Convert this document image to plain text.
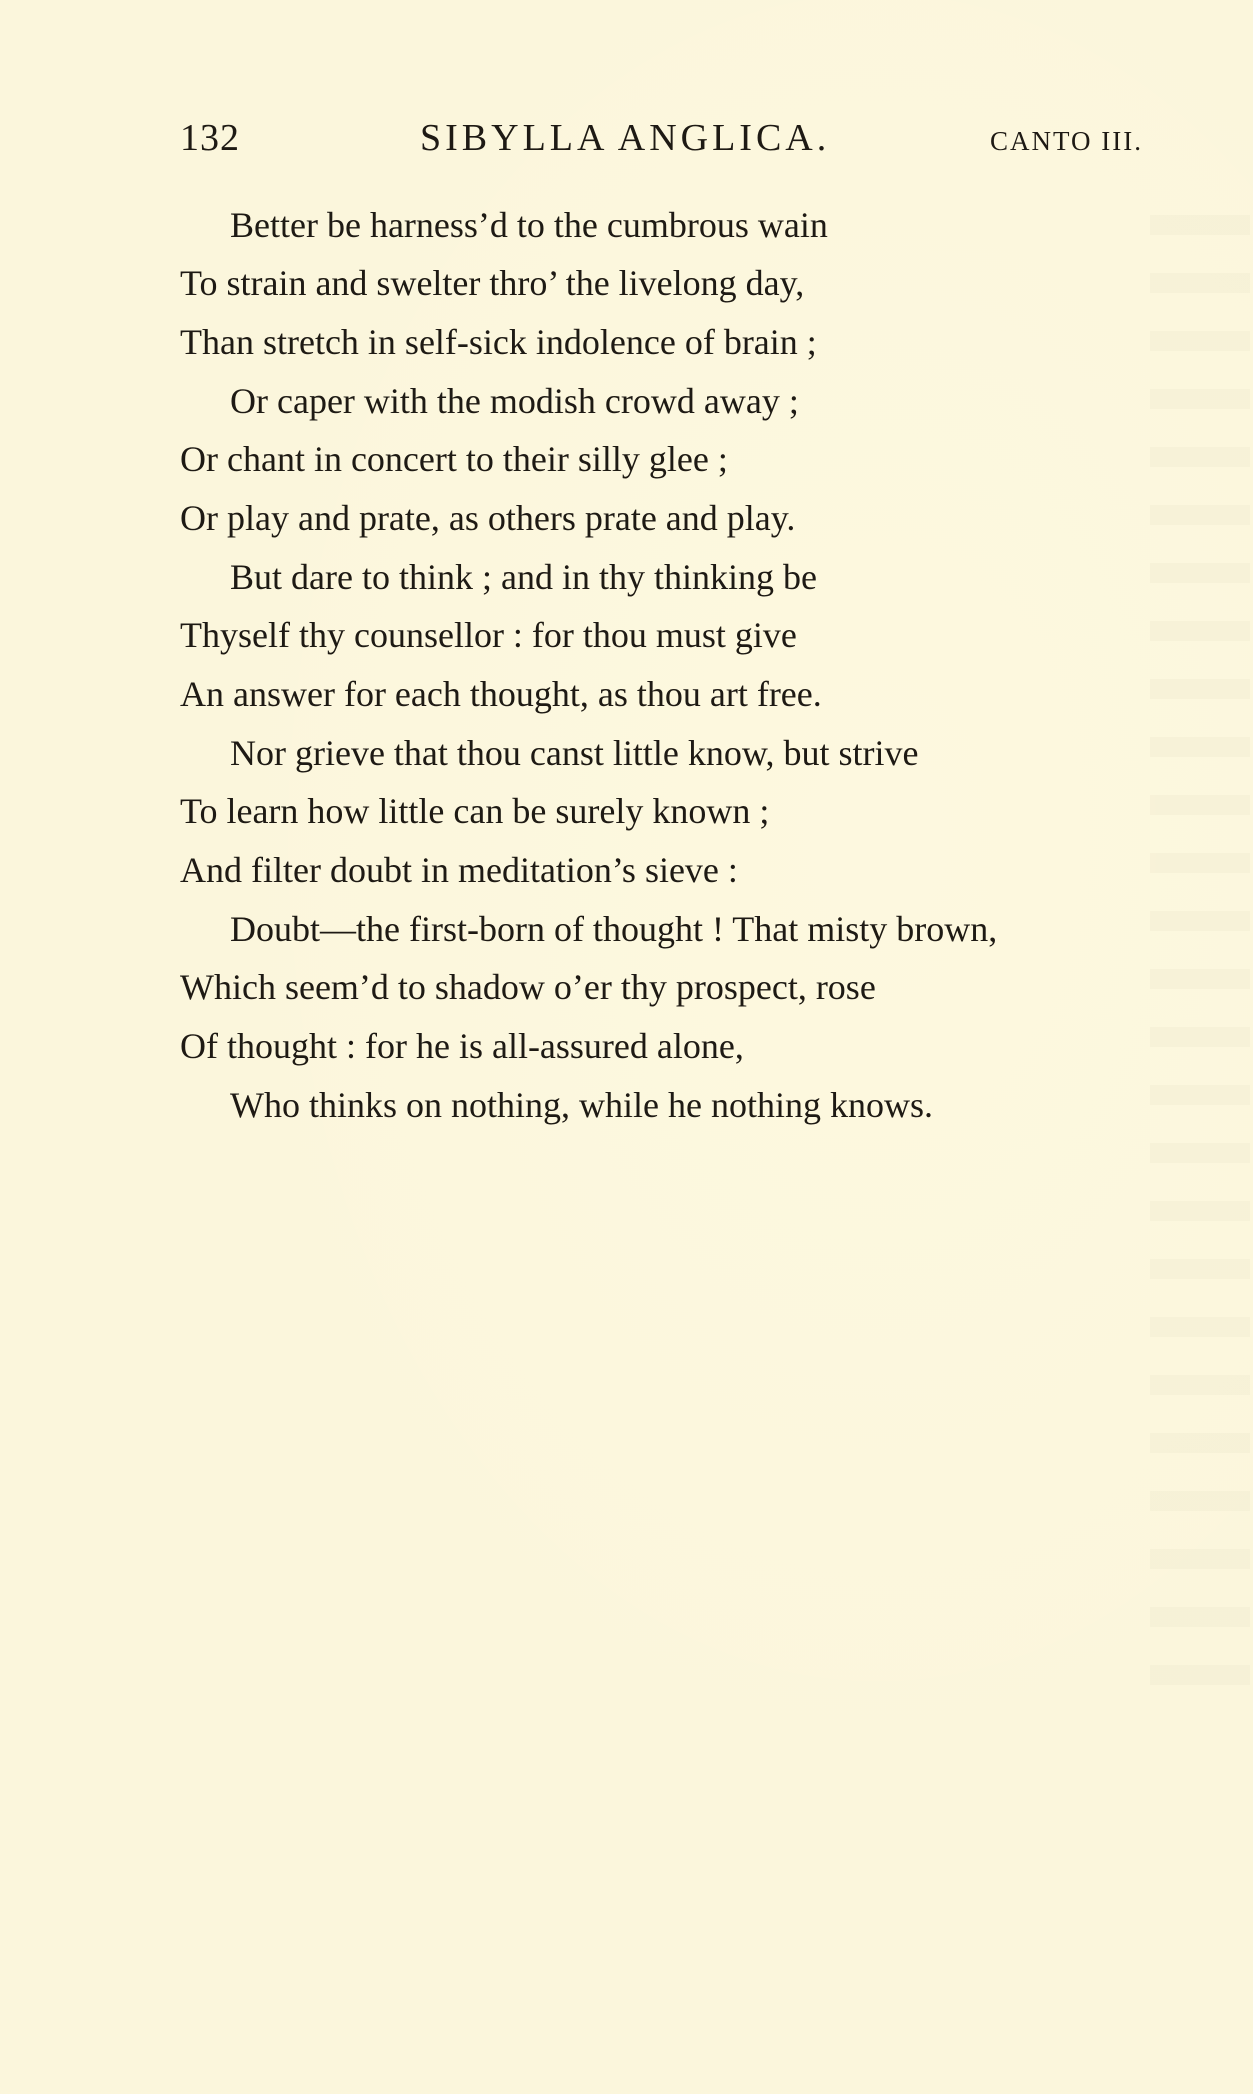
132	SIBYLLA ANGLICA.	CANTO III.
Better be harness’d to the cumbrous wain
To strain and swelter thro’ the livelong day,
Than stretch in self-sick indolence of brain ;
Or caper with the modish crowd away ;
Or chant in concert to their silly glee ;
Or play and prate, as others prate and play.
But dare to think ; and in thy thinking be
Thyself thy counsellor : for thou must give
An answer for each thought, as thou art free.
Nor grieve that thou canst little know, but strive
To learn how little can be surely known ;
And filter doubt in meditation’s sieve :
Doubt—the first-born of thought ! That misty brown,
Which seem’d to shadow o’er thy prospect, rose
Of thought : for he is all-assured alone,
Who thinks on nothing, while he nothing knows.
